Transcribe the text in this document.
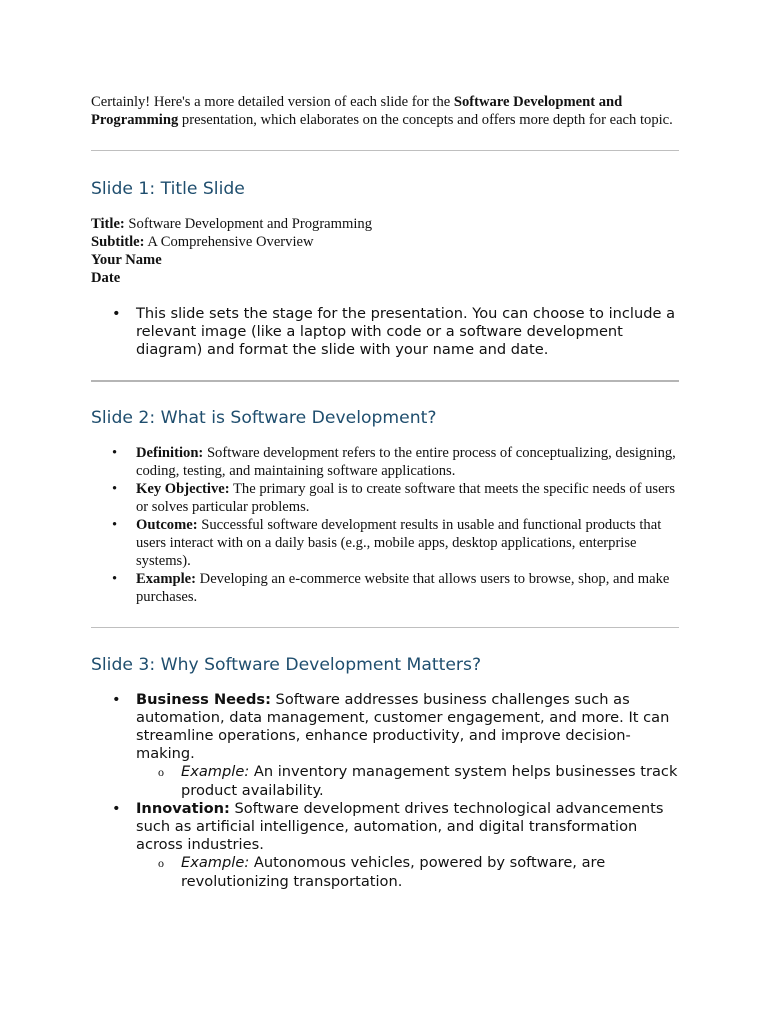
Certainly! Here's a more detailed version of each slide for the Software Development and Programming presentation, which elaborates on the concepts and offers more depth for each topic.

Slide 1: Title Slide
Title: Software Development and Programming
Subtitle: A Comprehensive Overview
Your Name
Date
• This slide sets the stage for the presentation. You can choose to include a relevant image (like a laptop with code or a software development diagram) and format the slide with your name and date.
Slide 2: What is Software Development?
• Definition: Software development refers to the entire process of conceptualizing, designing, coding, testing, and maintaining software applications.
• Key Objective: The primary goal is to create software that meets the specific needs of users or solves particular problems.
• Outcome: Successful software development results in usable and functional products that users interact with on a daily basis (e.g., mobile apps, desktop applications, enterprise systems).
• Example: Developing an e-commerce website that allows users to browse, shop, and make purchases.
Slide 3: Why Software Development Matters?
• Business Needs: Software addresses business challenges such as automation, data management, customer engagement, and more. It can streamline operations, enhance productivity, and improve decision-making.
o Example: An inventory management system helps businesses track product availability.
• Innovation: Software development drives technological advancements such as artificial intelligence, automation, and digital transformation across industries.
o Example: Autonomous vehicles, powered by software, are revolutionizing transportation.
